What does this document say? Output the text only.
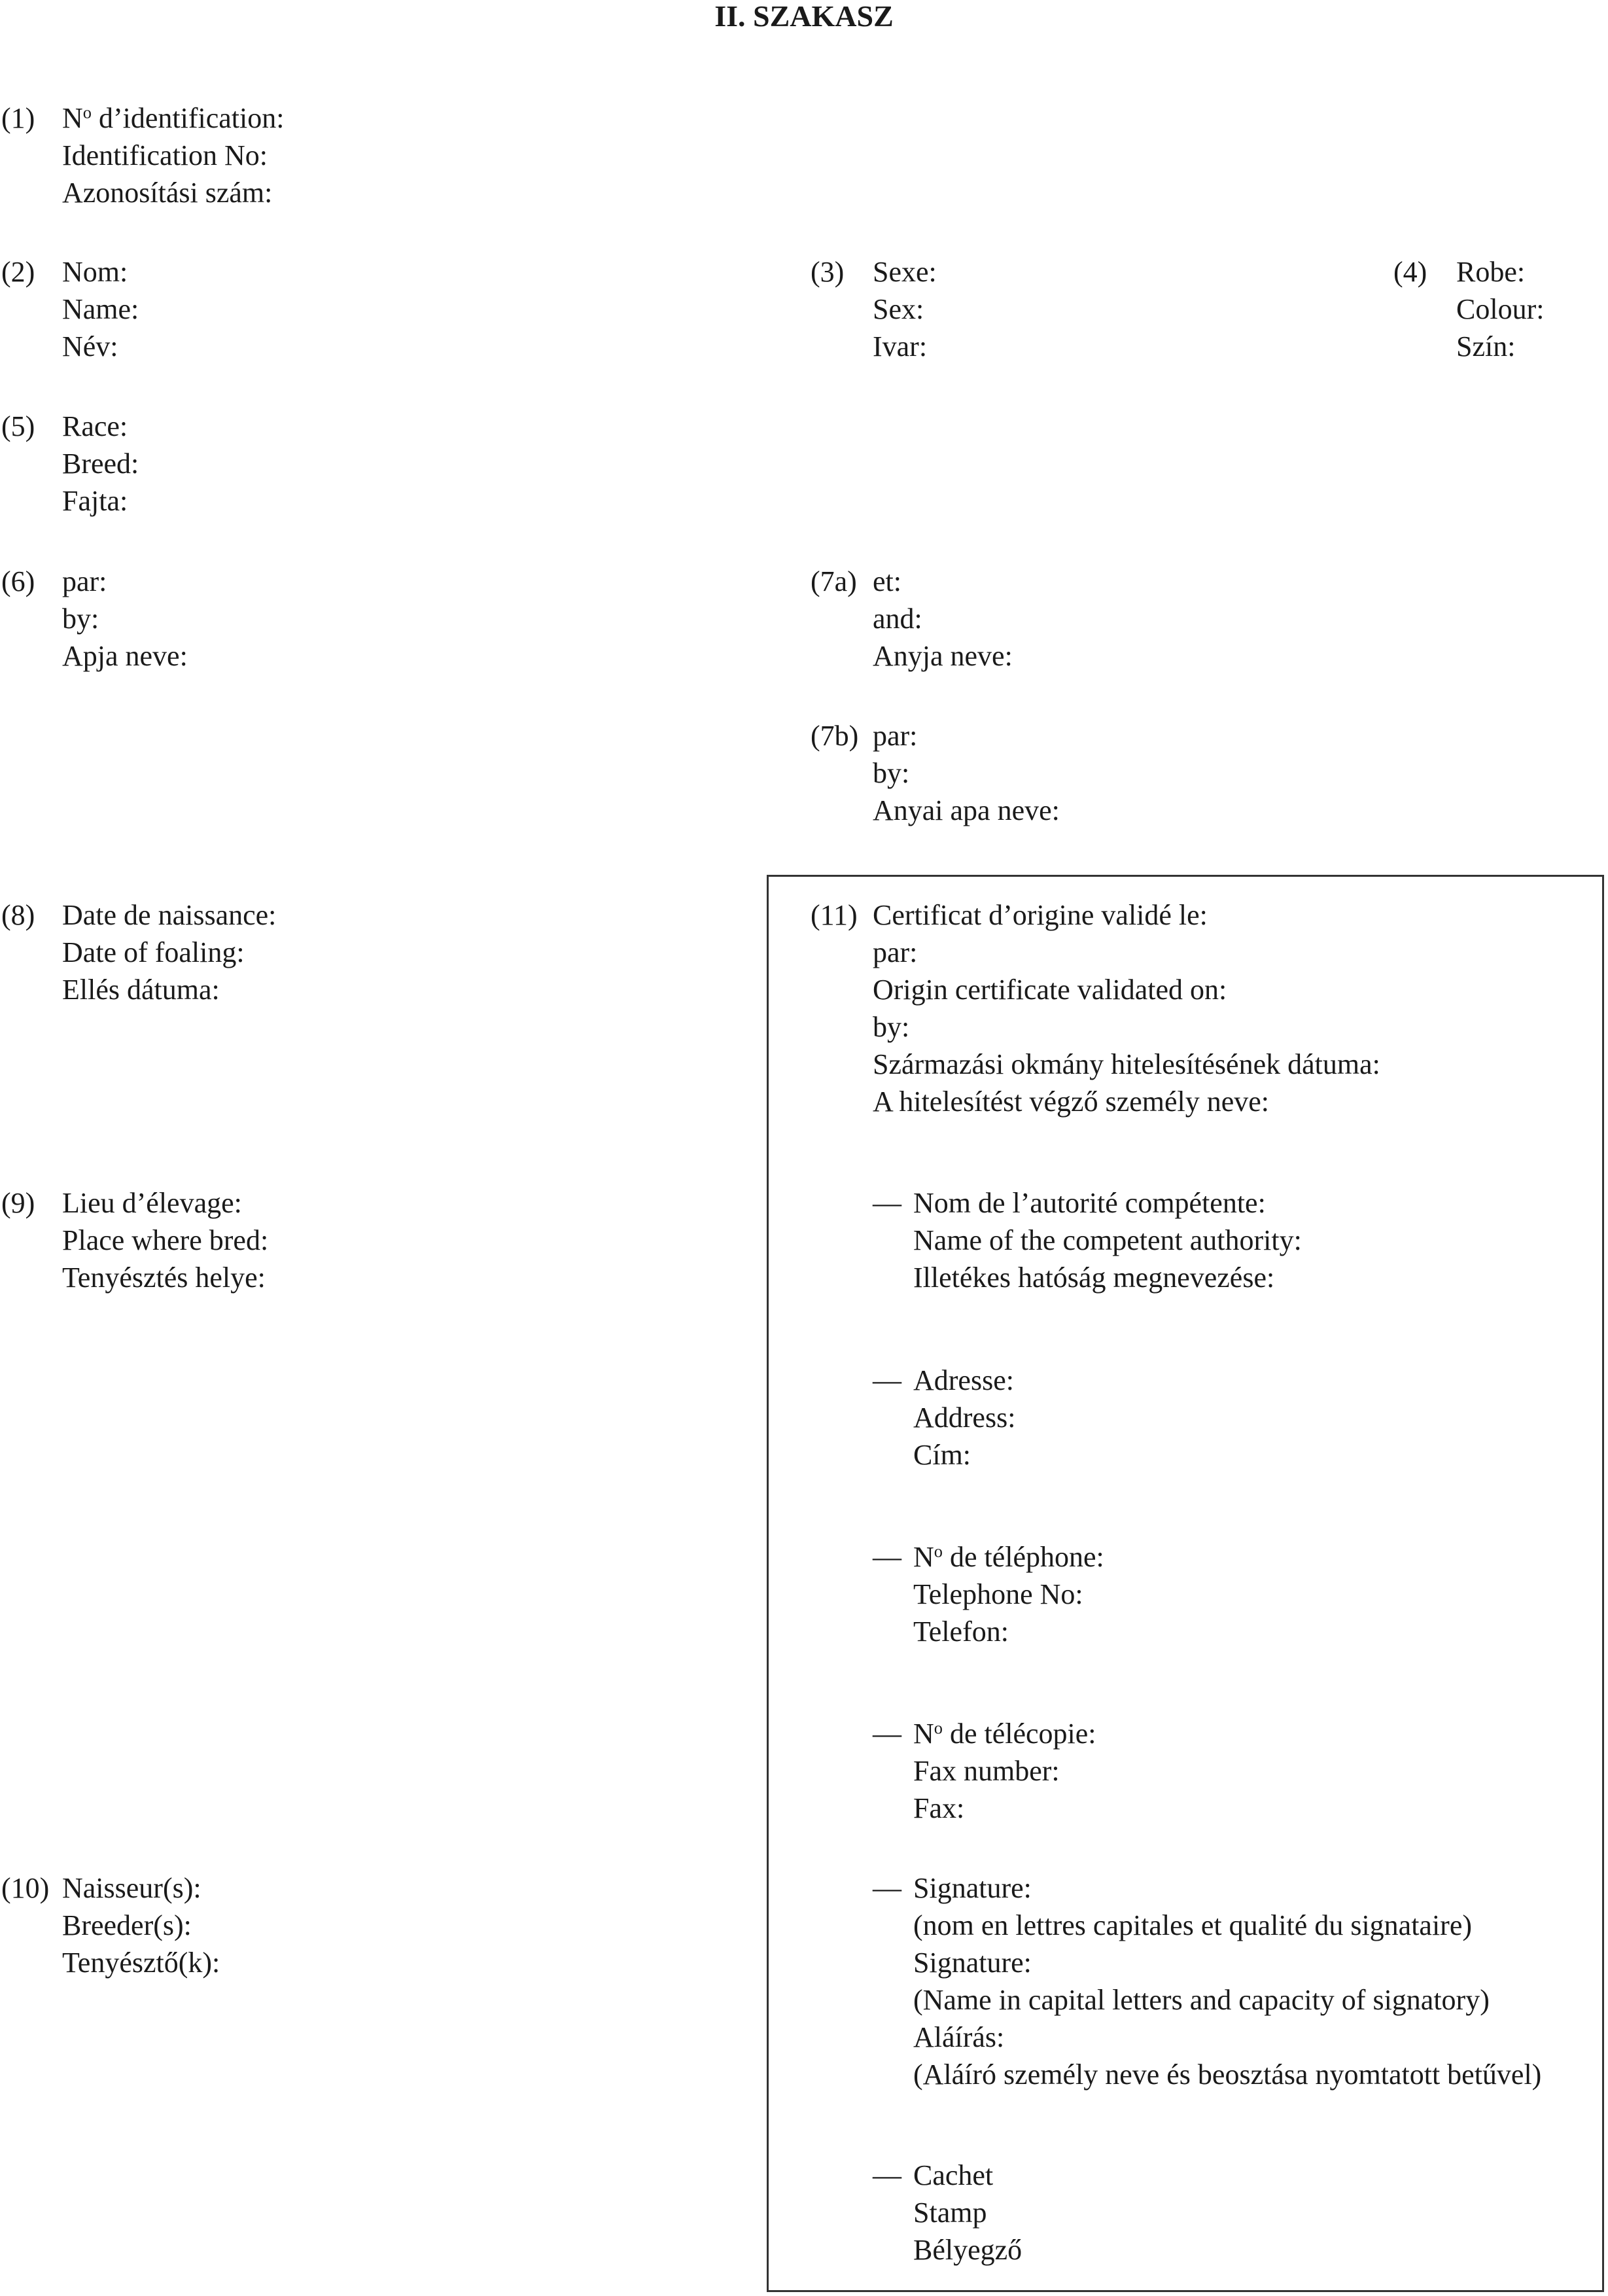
II. SZAKASZ
(1) $N^o$ d’identification:
Identification No:
Azonosítási szám:
(2) Nom:
Name:
Név:
(3) Sexe:
Sex:
Ivar:
(4) Robe:
Colour:
Szín:
(5) Race:
Breed:
Fajta:
(6) par:
by:
Apja neve:
(7a) et:
and:
Anyja neve:
(7b) par:
by:
Anyai apa neve:
(8) Date de naissance:
Date of foaling:
Ellés dátuma:
(11) Certificat d’origine validé le:
par:
Origin certificate validated on:
by:
Származási okmány hitelesítésének dátuma:
A hitelesítést végző személy neve:
(9) Lieu d’élevage:
Place where bred:
Tenyésztés helye:
— Nom de l’autorité compétente:
Name of the competent authority:
Illetékes hatóság megnevezése:
— Adresse:
Address:
Cím:
— $N^o$ de téléphone:
Telephone No:
Telefon:
— $N^o$ de télécopie:
Fax number:
Fax:
(10) Naisseur(s):
Breeder(s):
Tenyésztő(k):
— Signature:
(nom en lettres capitales et qualité du signataire)
Signature:
(Name in capital letters and capacity of signatory)
Aláírás:
(Aláíró személy neve és beosztása nyomtatott betűvel)
— Cachet
Stamp
Bélyegző
